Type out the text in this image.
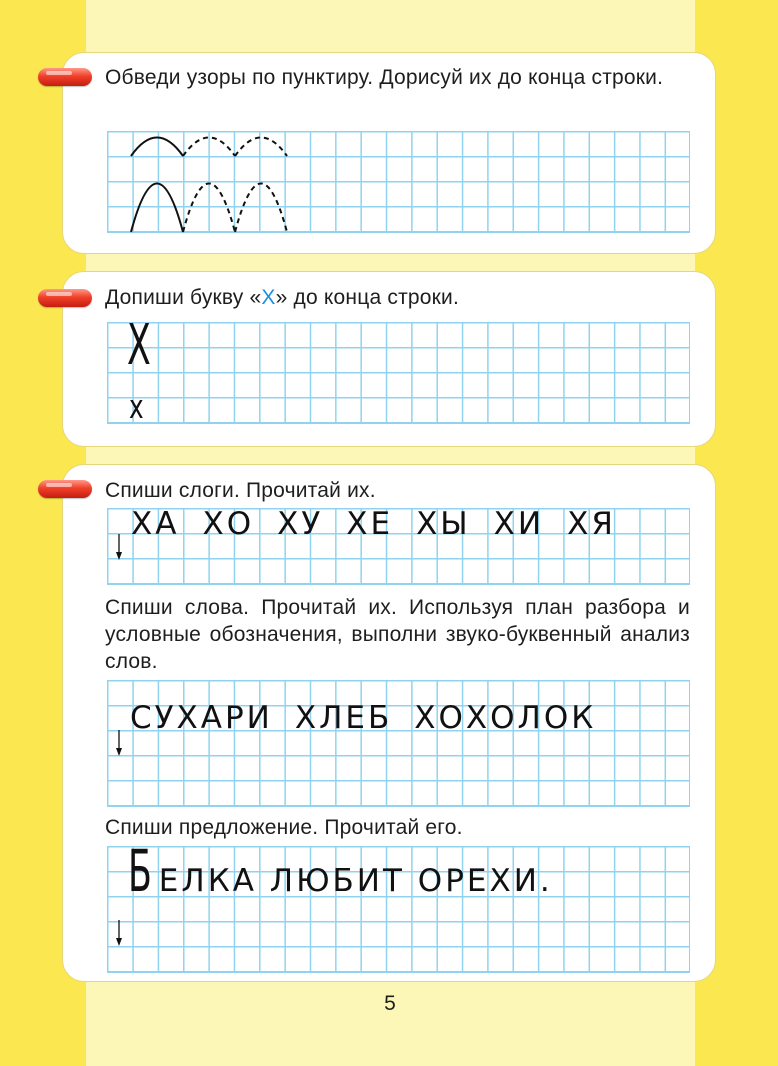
Обведи узоры по пунктиру. Дорисуй их до конца строки.

Допиши букву «Х» до конца строки.

Х
х

Спиши слоги. Прочитай их.

ХА ХО ХУ ХЕ ХЫ ХИ ХЯ

Спиши слова. Прочитай их. Используя план разбора и условные обозначения, выполни звуко-буквенный анализ слов.

СУХАРИ ХЛЕБ ХОХОЛОК

Спиши предложение. Прочитай его.

Б ЕЛКА ЛЮБИТ ОРЕХИ.
5
